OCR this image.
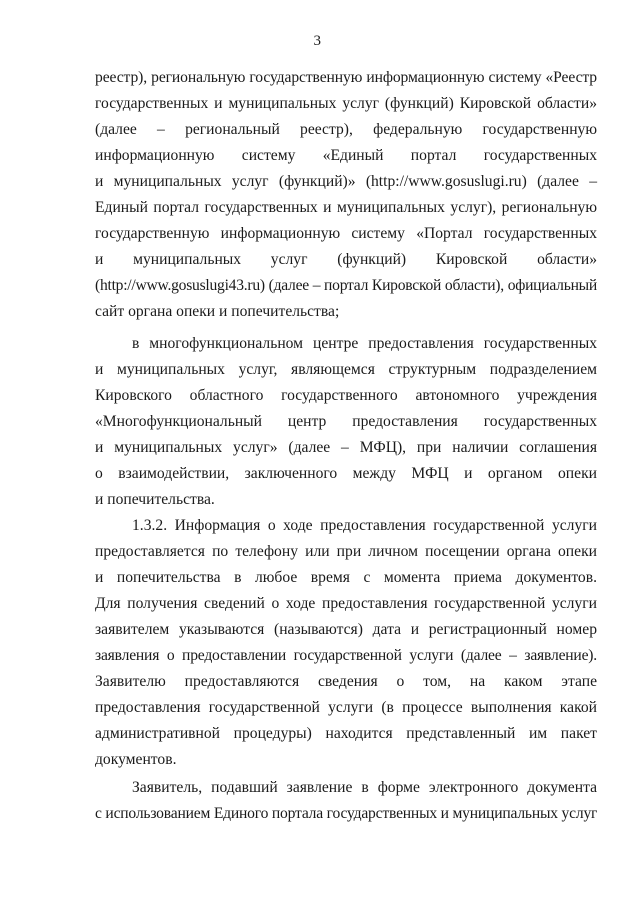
3
реестр), региональную государственную информационную систему «Реестр
государственных и муниципальных услуг (функций) Кировской области»
(далее – региональный реестр), федеральную государственную
информационную систему «Единый портал государственных
и муниципальных услуг (функций)» (http://www.gosuslugi.ru) (далее –
Единый портал государственных и муниципальных услуг), региональную
государственную информационную систему «Портал государственных
и муниципальных услуг (функций) Кировской области»
(http://www.gosuslugi43.ru) (далее – портал Кировской области), официальный
сайт органа опеки и попечительства;
в многофункциональном центре предоставления государственных
и муниципальных услуг, являющемся структурным подразделением
Кировского областного государственного автономного учреждения
«Многофункциональный центр предоставления государственных
и муниципальных услуг» (далее – МФЦ), при наличии соглашения
о взаимодействии, заключенного между МФЦ и органом опеки
и попечительства.
1.3.2. Информация о ходе предоставления государственной услуги
предоставляется по телефону или при личном посещении органа опеки
и попечительства в любое время с момента приема документов.
Для получения сведений о ходе предоставления государственной услуги
заявителем указываются (называются) дата и регистрационный номер
заявления о предоставлении государственной услуги (далее – заявление).
Заявителю предоставляются сведения о том, на каком этапе
предоставления государственной услуги (в процессе выполнения какой
административной процедуры) находится представленный им пакет
документов.
Заявитель, подавший заявление в форме электронного документа
с использованием Единого портала государственных и муниципальных услуг
